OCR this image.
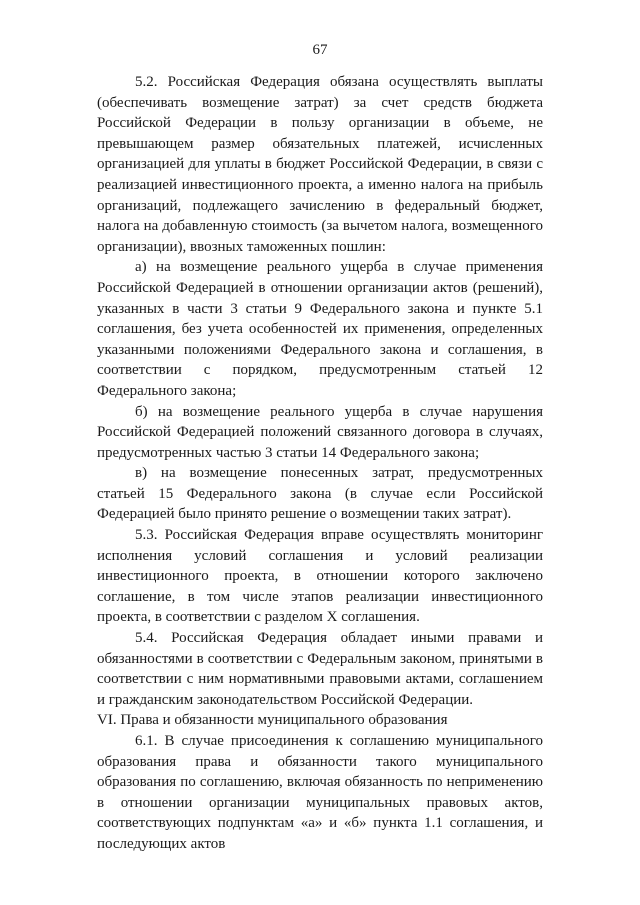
67

5.2. Российская Федерация обязана осуществлять выплаты (обеспечивать возмещение затрат) за счет средств бюджета Российской Федерации в пользу организации в объеме, не превышающем размер обязательных платежей, исчисленных организацией для уплаты в бюджет Российской Федерации, в связи с реализацией инвестиционного проекта, а именно налога на прибыль организаций, подлежащего зачислению в федеральный бюджет, налога на добавленную стоимость (за вычетом налога, возмещенного организации), ввозных таможенных пошлин:

а) на возмещение реального ущерба в случае применения Российской Федерацией в отношении организации актов (решений), указанных в части 3 статьи 9 Федерального закона и пункте 5.1 соглашения, без учета особенностей их применения, определенных указанными положениями Федерального закона и соглашения, в соответствии с порядком, предусмотренным статьей 12 Федерального закона;

б) на возмещение реального ущерба в случае нарушения Российской Федерацией положений связанного договора в случаях, предусмотренных частью 3 статьи 14 Федерального закона;

в) на возмещение понесенных затрат, предусмотренных статьей 15 Федерального закона (в случае если Российской Федерацией было принято решение о возмещении таких затрат).

5.3. Российская Федерация вправе осуществлять мониторинг исполнения условий соглашения и условий реализации инвестиционного проекта, в отношении которого заключено соглашение, в том числе этапов реализации инвестиционного проекта, в соответствии с разделом X соглашения.

5.4. Российская Федерация обладает иными правами и обязанностями в соответствии с Федеральным законом, принятыми в соответствии с ним нормативными правовыми актами, соглашением и гражданским законодательством Российской Федерации.

VI. Права и обязанности муниципального образования

6.1. В случае присоединения к соглашению муниципального образования права и обязанности такого муниципального образования по соглашению, включая обязанность по неприменению в отношении организации муниципальных правовых актов, соответствующих подпунктам «а» и «б» пункта 1.1 соглашения, и последующих актов
